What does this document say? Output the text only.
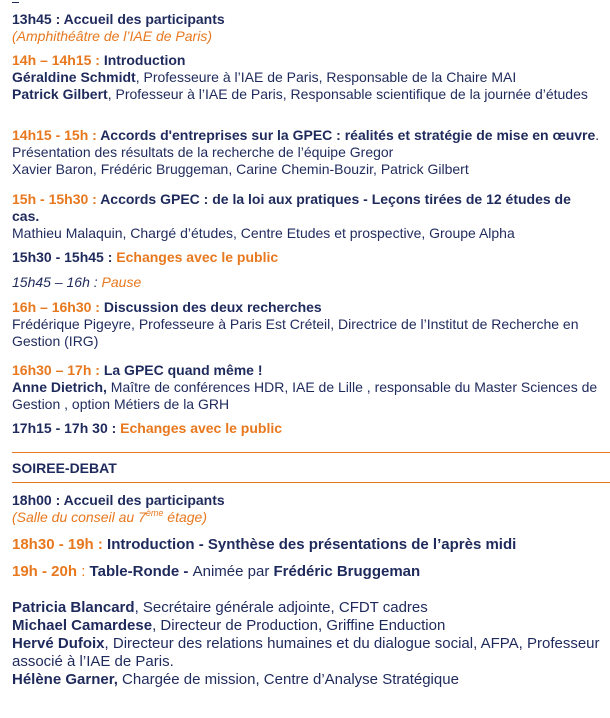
13h45 : Accueil des participants
(Amphithéâtre de l’IAE de Paris)
14h – 14h15 : Introduction
Géraldine Schmidt, Professeure à l’IAE de Paris, Responsable de la Chaire MAI
Patrick Gilbert, Professeur à l’IAE de Paris, Responsable scientifique de la journée d’études
14h15 - 15h : Accords d'entreprises sur la GPEC : réalités et stratégie de mise en œuvre. Présentation des résultats de la recherche de l’équipe Gregor
Xavier Baron, Frédéric Bruggeman, Carine Chemin-Bouzir, Patrick Gilbert
15h - 15h30 : Accords GPEC : de la loi aux pratiques - Leçons tirées de 12 études de cas.
Mathieu Malaquin, Chargé d’études, Centre Etudes et prospective, Groupe Alpha
15h30 - 15h45 : Echanges avec le public
15h45 – 16h : Pause
16h – 16h30 : Discussion des deux recherches
Frédérique Pigeyre, Professeure à Paris Est Créteil, Directrice de l’Institut de Recherche en Gestion (IRG)
16h30 – 17h : La GPEC quand même !
Anne Dietrich, Maître de conférences HDR, IAE de Lille , responsable du Master Sciences de Gestion , option Métiers de la GRH
17h15 - 17h 30 : Echanges avec le public
SOIREE-DEBAT
18h00 : Accueil des participants
(Salle du conseil au 7ème étage)
18h30 - 19h : Introduction - Synthèse des présentations de l’après midi
19h - 20h : Table-Ronde - Animée par Frédéric Bruggeman
Patricia Blancard, Secrétaire générale adjointe, CFDT cadres
Michael Camardese, Directeur de Production, Griffine Enduction
Hervé Dufoix, Directeur des relations humaines et du dialogue social, AFPA, Professeur associé à l’IAE de Paris.
Hélène Garner, Chargée de mission, Centre d’Analyse Stratégique
